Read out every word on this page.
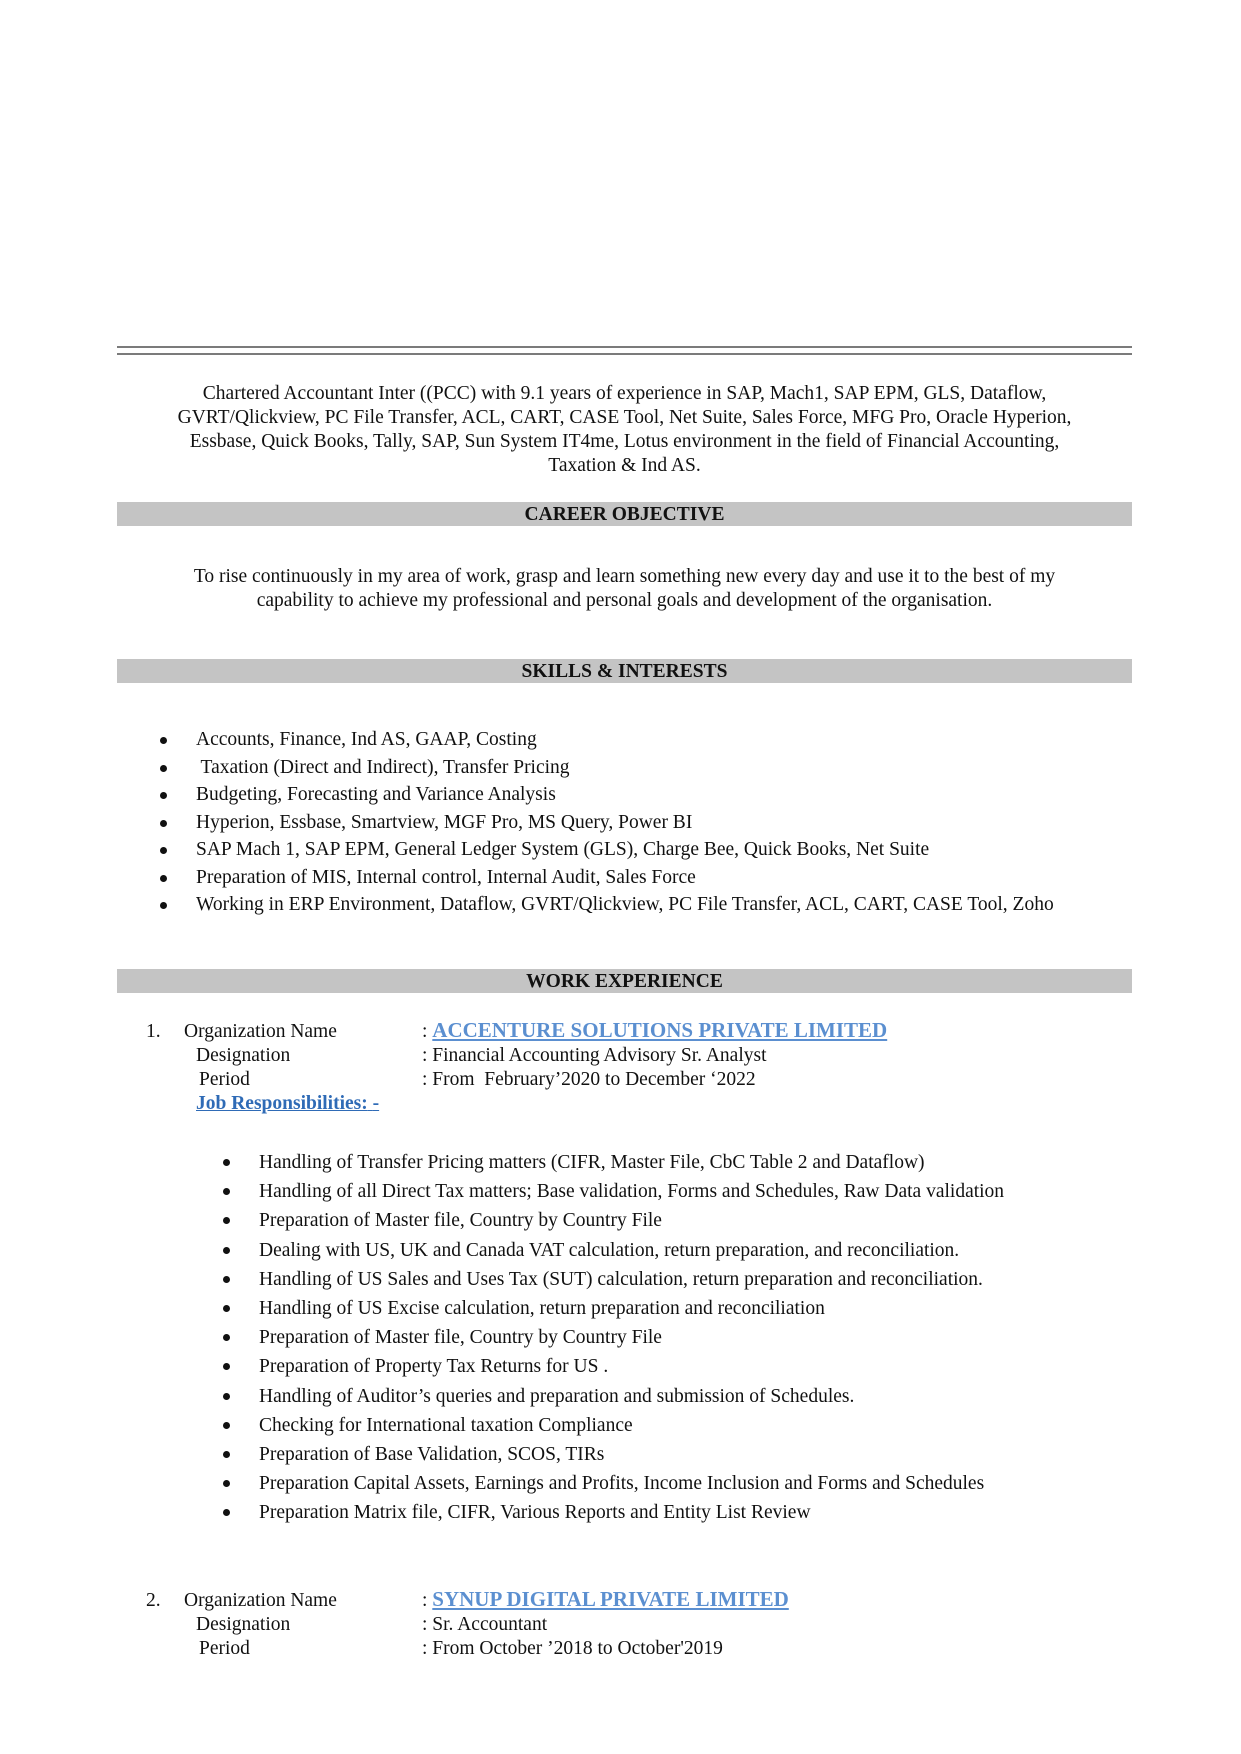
Chartered Accountant Inter ((PCC) with 9.1 years of experience in SAP, Mach1, SAP EPM, GLS, Dataflow,
GVRT/Qlickview, PC File Transfer, ACL, CART, CASE Tool, Net Suite, Sales Force, MFG Pro, Oracle Hyperion,
Essbase, Quick Books, Tally, SAP, Sun System IT4me, Lotus environment in the field of Financial Accounting,
Taxation & Ind AS.
CAREER OBJECTIVE
To rise continuously in my area of work, grasp and learn something new every day and use it to the best of my
capability to achieve my professional and personal goals and development of the organisation.
SKILLS & INTERESTS
Accounts, Finance, Ind AS, GAAP, Costing
Taxation (Direct and Indirect), Transfer Pricing
Budgeting, Forecasting and Variance Analysis
Hyperion, Essbase, Smartview, MGF Pro, MS Query, Power BI
SAP Mach 1, SAP EPM, General Ledger System (GLS), Charge Bee, Quick Books, Net Suite
Preparation of MIS, Internal control, Internal Audit, Sales Force
Working in ERP Environment, Dataflow, GVRT/Qlickview, PC File Transfer, ACL, CART, CASE Tool, Zoho
WORK EXPERIENCE
1. Organization Name	: ACCENTURE SOLUTIONS PRIVATE LIMITED
Designation	: Financial Accounting Advisory Sr. Analyst
Period	: From  February’2020 to December ‘2022
Job Responsibilities: -
Handling of Transfer Pricing matters (CIFR, Master File, CbC Table 2 and Dataflow)
Handling of all Direct Tax matters; Base validation, Forms and Schedules, Raw Data validation
Preparation of Master file, Country by Country File
Dealing with US, UK and Canada VAT calculation, return preparation, and reconciliation.
Handling of US Sales and Uses Tax (SUT) calculation, return preparation and reconciliation.
Handling of US Excise calculation, return preparation and reconciliation
Preparation of Master file, Country by Country File
Preparation of Property Tax Returns for US .
Handling of Auditor’s queries and preparation and submission of Schedules.
Checking for International taxation Compliance
Preparation of Base Validation, SCOS, TIRs
Preparation Capital Assets, Earnings and Profits, Income Inclusion and Forms and Schedules
Preparation Matrix file, CIFR, Various Reports and Entity List Review
2. Organization Name	: SYNUP DIGITAL PRIVATE LIMITED
Designation	: Sr. Accountant
Period	: From October ’2018 to October'2019
